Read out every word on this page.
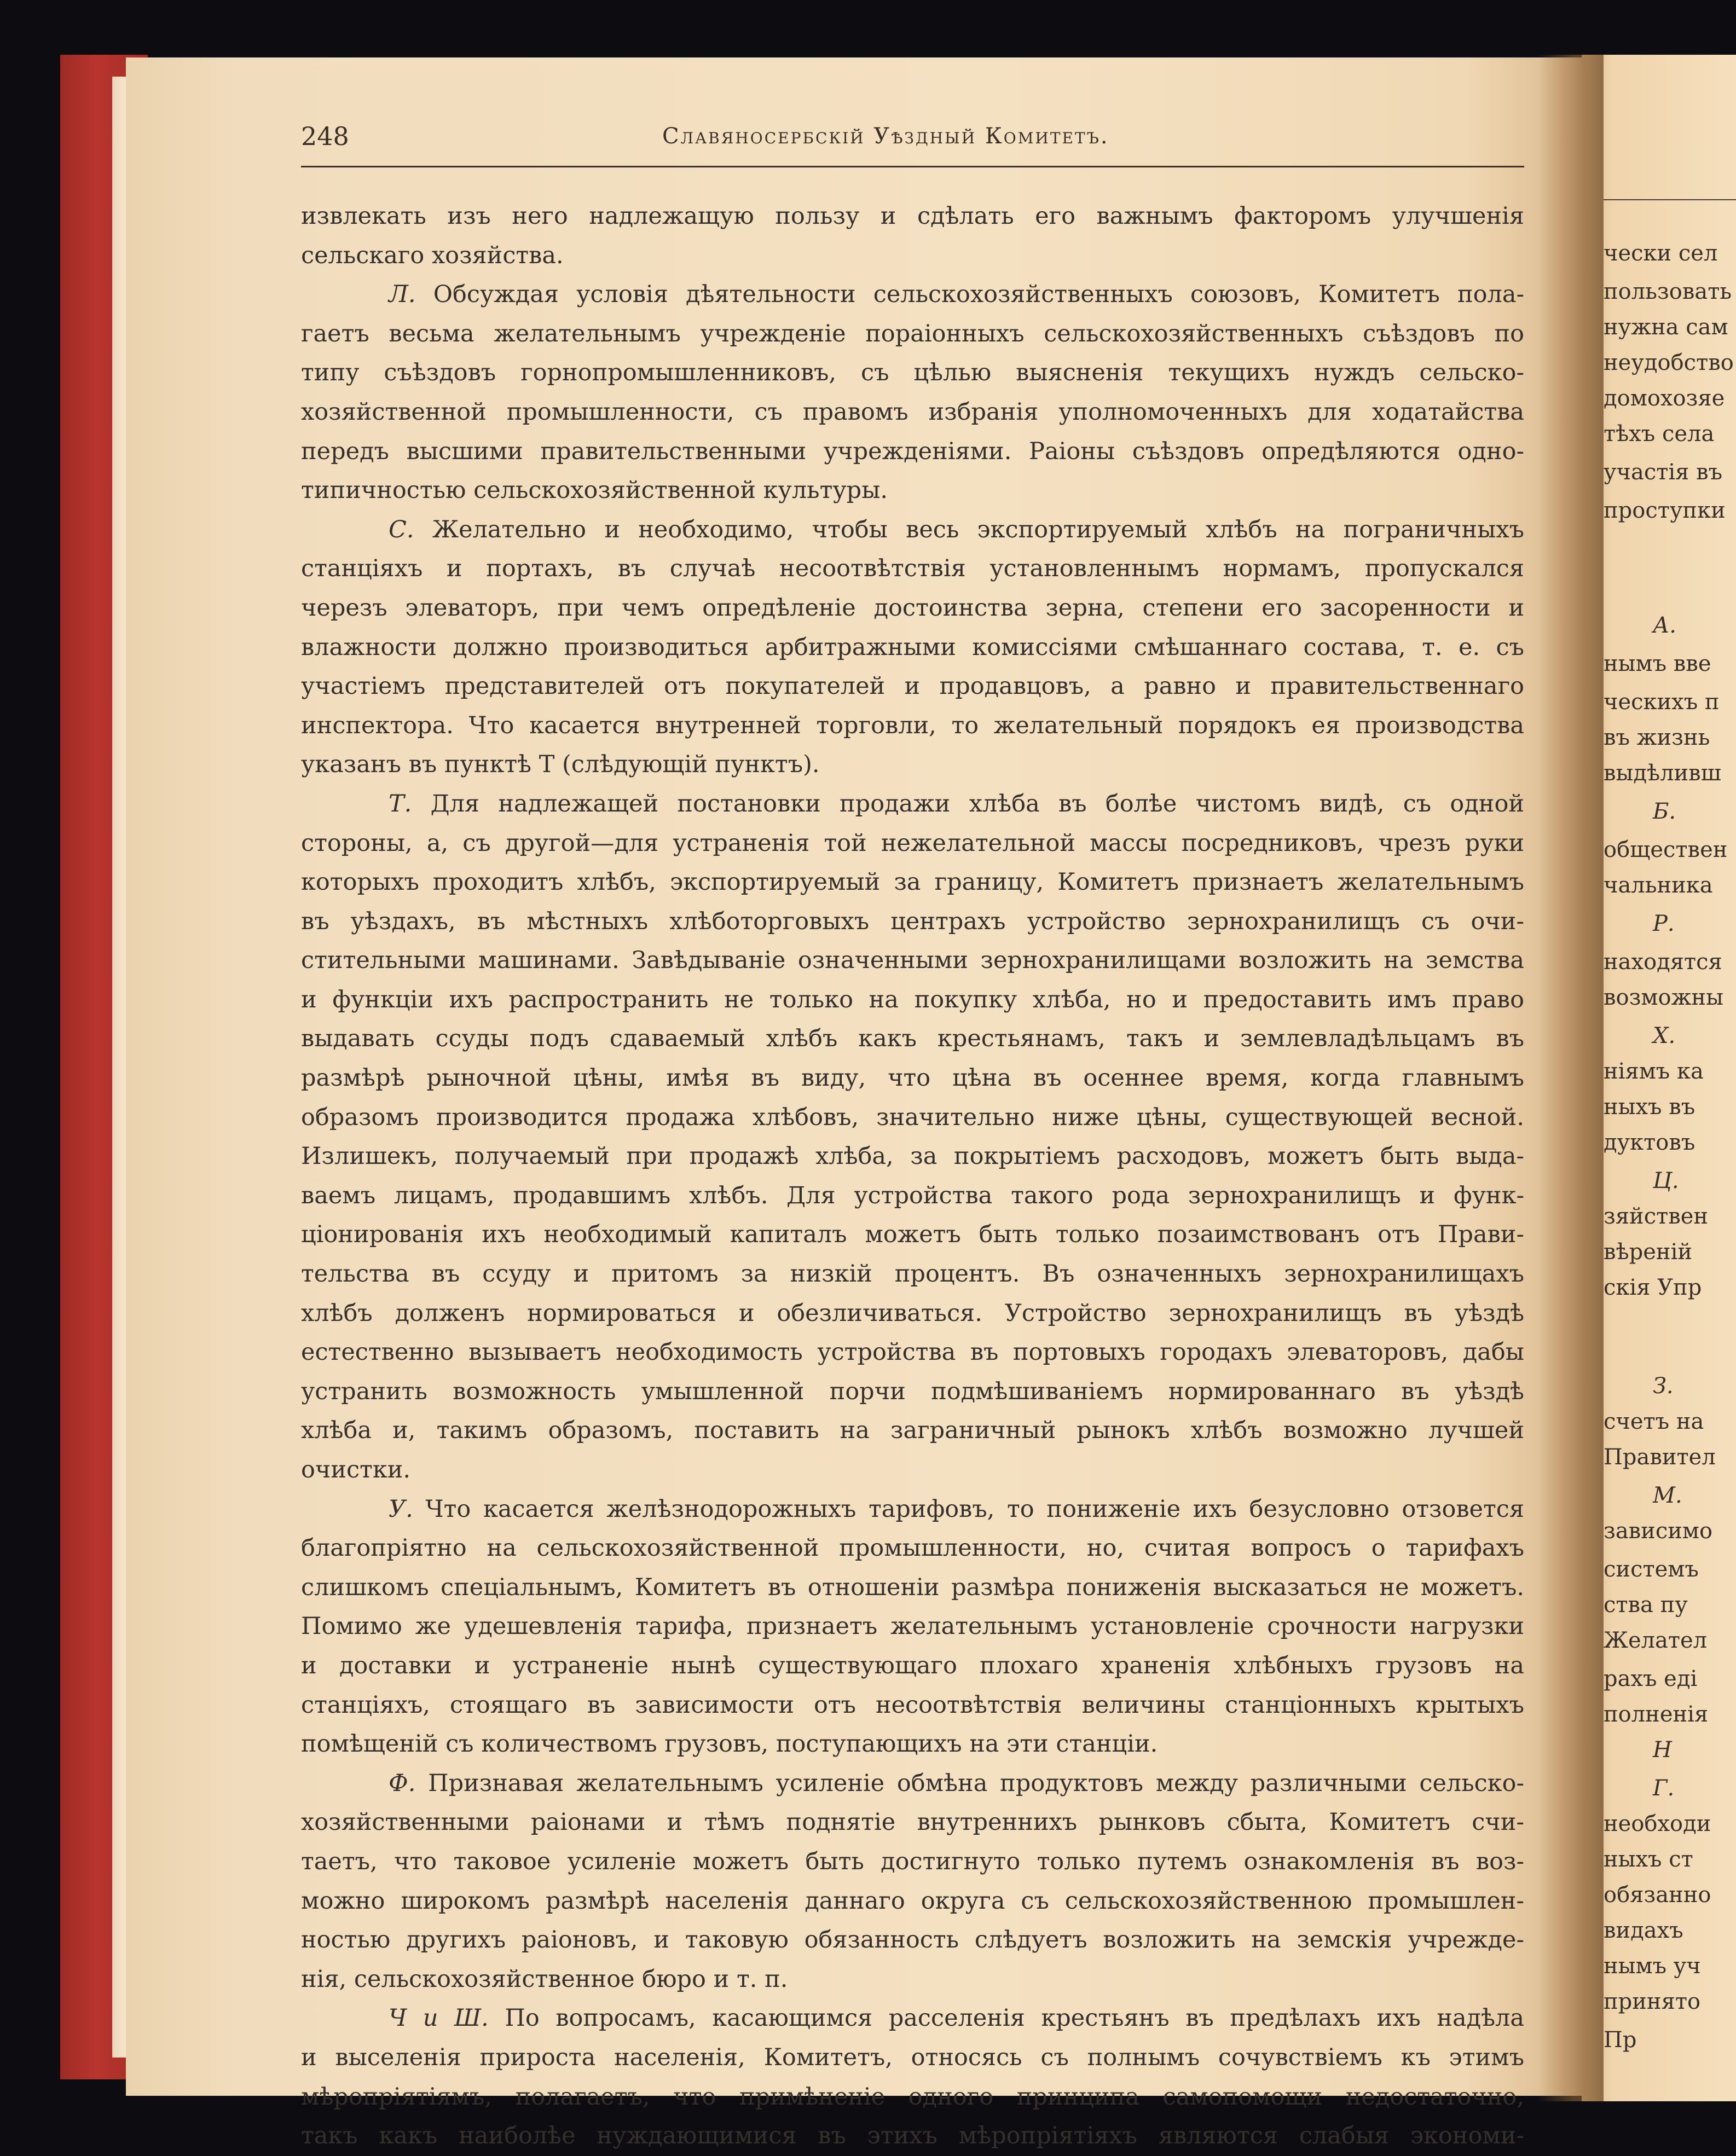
чески сел
пользовать
нужна сам
неудобство
домохозяе
тѣхъ села
участія въ
проступки
А.
нымъ вве
ческихъ п
въ жизнь
выдѣливш
Б.
обществен
чальника
Р.
находятся
возможны
Х.
ніямъ ка
ныхъ въ
дуктовъ
Ц.
зяйствен
вѣреній
скія Упр
З.
счетъ на
Правител
М.
зависимо
системъ
ства пу
Желател
рахъ еді
полненія
Н
Г.
необходи
ныхъ ст
обязанно
видахъ
нымъ уч
принято
Пр
248	Славяносербскій Уѣздный Комитетъ.
извлекать изъ него надлежащую пользу и сдѣлать его важнымъ факторомъ улучшенія
сельскаго хозяйства.
Л. Обсуждая условія дѣятельности сельскохозяйственныхъ союзовъ, Комитетъ пола-
гаетъ весьма желательнымъ учрежденіе пораіонныхъ сельскохозяйственныхъ съѣздовъ по
типу съѣздовъ горнопромышленниковъ, съ цѣлью выясненія текущихъ нуждъ сельско-
хозяйственной промышленности, съ правомъ избранія уполномоченныхъ для ходатайства
передъ высшими правительственными учрежденіями. Раіоны съѣздовъ опредѣляются одно-
типичностью сельскохозяйственной культуры.
С. Желательно и необходимо, чтобы весь экспортируемый хлѣбъ на пограничныхъ
станціяхъ и портахъ, въ случаѣ несоотвѣтствія установленнымъ нормамъ, пропускался
черезъ элеваторъ, при чемъ опредѣленіе достоинства зерна, степени его засоренности и
влажности должно производиться арбитражными комиссіями смѣшаннаго состава, т. е. съ
участіемъ представителей отъ покупателей и продавцовъ, а равно и правительственнаго
инспектора. Что касается внутренней торговли, то желательный порядокъ ея производства
указанъ въ пунктѣ Т (слѣдующій пунктъ).
Т. Для надлежащей постановки продажи хлѣба въ болѣе чистомъ видѣ, съ одной
стороны, а, съ другой—для устраненія той нежелательной массы посредниковъ, чрезъ руки
которыхъ проходитъ хлѣбъ, экспортируемый за границу, Комитетъ признаетъ желательнымъ
въ уѣздахъ, въ мѣстныхъ хлѣботорговыхъ центрахъ устройство зернохранилищъ съ очи-
стительными машинами. Завѣдываніе означенными зернохранилищами возложить на земства
и функціи ихъ распространить не только на покупку хлѣба, но и предоставить имъ право
выдавать ссуды подъ сдаваемый хлѣбъ какъ крестьянамъ, такъ и землевладѣльцамъ въ
размѣрѣ рыночной цѣны, имѣя въ виду, что цѣна въ осеннее время, когда главнымъ
образомъ производится продажа хлѣбовъ, значительно ниже цѣны, существующей весной.
Излишекъ, получаемый при продажѣ хлѣба, за покрытіемъ расходовъ, можетъ быть выда-
ваемъ лицамъ, продавшимъ хлѣбъ. Для устройства такого рода зернохранилищъ и функ-
ціонированія ихъ необходимый капиталъ можетъ быть только позаимствованъ отъ Прави-
тельства въ ссуду и притомъ за низкій процентъ. Въ означенныхъ зернохранилищахъ
хлѣбъ долженъ нормироваться и обезличиваться. Устройство зернохранилищъ въ уѣздѣ
естественно вызываетъ необходимость устройства въ портовыхъ городахъ элеваторовъ, дабы
устранить возможность умышленной порчи подмѣшиваніемъ нормированнаго въ уѣздѣ
хлѣба и, такимъ образомъ, поставить на заграничный рынокъ хлѣбъ возможно лучшей
очистки.
У. Что касается желѣзнодорожныхъ тарифовъ, то пониженіе ихъ безусловно отзовется
благопріятно на сельскохозяйственной промышленности, но, считая вопросъ о тарифахъ
слишкомъ спеціальнымъ, Комитетъ въ отношеніи размѣра пониженія высказаться не можетъ.
Помимо же удешевленія тарифа, признаетъ желательнымъ установленіе срочности нагрузки
и доставки и устраненіе нынѣ существующаго плохаго храненія хлѣбныхъ грузовъ на
станціяхъ, стоящаго въ зависимости отъ несоотвѣтствія величины станціонныхъ крытыхъ
помѣщеній съ количествомъ грузовъ, поступающихъ на эти станціи.
Ф. Признавая желательнымъ усиленіе обмѣна продуктовъ между различными сельско-
хозяйственными раіонами и тѣмъ поднятіе внутреннихъ рынковъ сбыта, Комитетъ счи-
таетъ, что таковое усиленіе можетъ быть достигнуто только путемъ ознакомленія въ воз-
можно широкомъ размѣрѣ населенія даннаго округа съ сельскохозяйственною промышлен-
ностью другихъ раіоновъ, и таковую обязанность слѣдуетъ возложить на земскія учрежде-
нія, сельскохозяйственное бюро и т. п.
Ч и Ш. По вопросамъ, касающимся расселенія крестьянъ въ предѣлахъ ихъ надѣла
и выселенія прироста населенія, Комитетъ, относясь съ полнымъ сочувствіемъ къ этимъ
мѣропріятіямъ, полагаетъ, что примѣненіе одного принципа самопомощи недостаточно,
такъ какъ наиболѣе нуждающимися въ этихъ мѣропріятіяхъ являются слабыя экономи-
